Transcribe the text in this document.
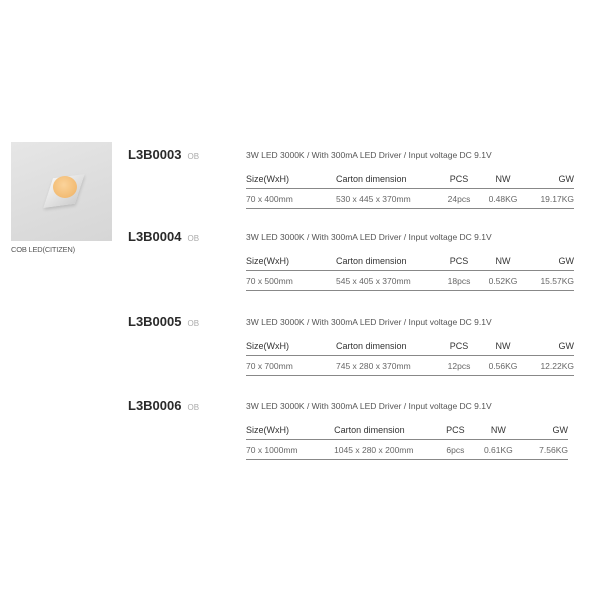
COB LED(CITIZEN)
L3B0003 OB	3W LED 3000K / With 300mA LED Driver / Input voltage DC 9.1V
Size(WxH)	Carton dimension	PCS	NW	GW
70 x 400mm	530 x 445 x 370mm	24pcs	0.48KG	19.17KG
L3B0004 OB	3W LED 3000K / With 300mA LED Driver / Input voltage DC 9.1V
Size(WxH)	Carton dimension	PCS	NW	GW
70 x 500mm	545 x 405 x 370mm	18pcs	0.52KG	15.57KG
L3B0005 OB	3W LED 3000K / With 300mA LED Driver / Input voltage DC 9.1V
Size(WxH)	Carton dimension	PCS	NW	GW
70 x 700mm	745 x 280 x 370mm	12pcs	0.56KG	12.22KG
L3B0006 OB	3W LED 3000K / With 300mA LED Driver / Input voltage DC 9.1V
Size(WxH)	Carton dimension	PCS	NW	GW
70 x 1000mm	1045 x 280 x 200mm	6pcs	0.61KG	7.56KG
